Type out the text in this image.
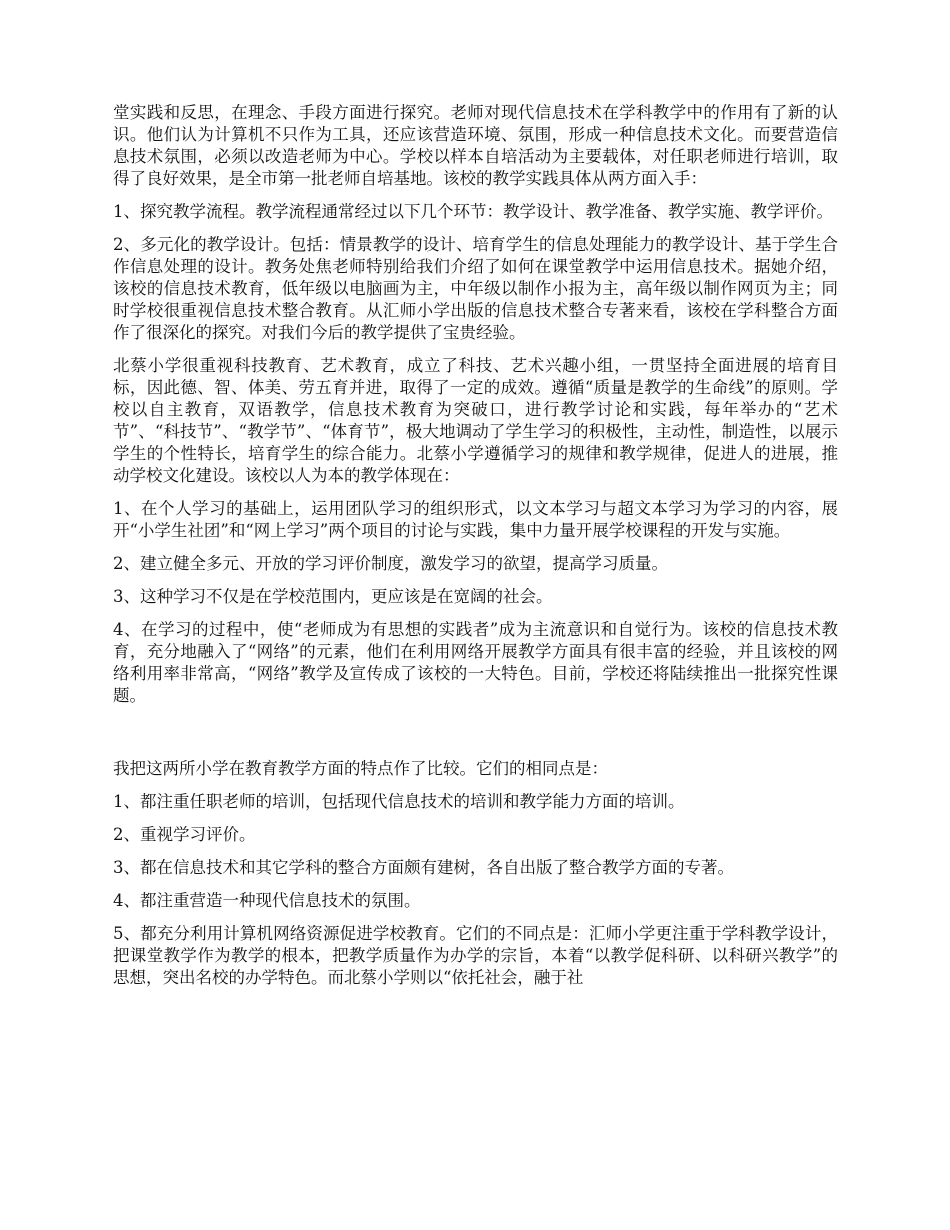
堂实践和反思，在理念、手段方面进行探究。老师对现代信息技术在学科教学中的作用有了新的认识。他们认为计算机不只作为工具，还应该营造环境、氛围，形成一种信息技术文化。而要营造信息技术氛围，必须以改造老师为中心。学校以样本自培活动为主要载体，对任职老师进行培训，取得了良好效果，是全市第一批老师自培基地。该校的教学实践具体从两方面入手：

1、探究教学流程。教学流程通常经过以下几个环节：教学设计、教学准备、教学实施、教学评价。

2、多元化的教学设计。包括：情景教学的设计、培育学生的信息处理能力的教学设计、基于学生合作信息处理的设计。教务处焦老师特别给我们介绍了如何在课堂教学中运用信息技术。据她介绍，该校的信息技术教育，低年级以电脑画为主，中年级以制作小报为主，高年级以制作网页为主；同时学校很重视信息技术整合教育。从汇师小学出版的信息技术整合专著来看，该校在学科整合方面作了很深化的探究。对我们今后的教学提供了宝贵经验。

北蔡小学很重视科技教育、艺术教育，成立了科技、艺术兴趣小组，一贯坚持全面进展的培育目标，因此德、智、体美、劳五育并进，取得了一定的成效。遵循“质量是教学的生命线”的原则。学校以自主教育，双语教学，信息技术教育为突破口，进行教学讨论和实践，每年举办的“艺术节”、“科技节”、“教学节”、“体育节”，极大地调动了学生学习的积极性，主动性，制造性，以展示学生的个性特长，培育学生的综合能力。北蔡小学遵循学习的规律和教学规律，促进人的进展，推动学校文化建设。该校以人为本的教学体现在：

1、在个人学习的基础上，运用团队学习的组织形式，以文本学习与超文本学习为学习的内容，展开“小学生社团”和“网上学习”两个项目的讨论与实践，集中力量开展学校课程的开发与实施。

2、建立健全多元、开放的学习评价制度，激发学习的欲望，提高学习质量。

3、这种学习不仅是在学校范围内，更应该是在宽阔的社会。

4、在学习的过程中，使“老师成为有思想的实践者”成为主流意识和自觉行为。该校的信息技术教育，充分地融入了“网络”的元素，他们在利用网络开展教学方面具有很丰富的经验，并且该校的网络利用率非常高，“网络”教学及宣传成了该校的一大特色。目前，学校还将陆续推出一批探究性课题。

我把这两所小学在教育教学方面的特点作了比较。它们的相同点是：

1、都注重任职老师的培训，包括现代信息技术的培训和教学能力方面的培训。

2、重视学习评价。

3、都在信息技术和其它学科的整合方面颇有建树，各自出版了整合教学方面的专著。

4、都注重营造一种现代信息技术的氛围。

5、都充分利用计算机网络资源促进学校教育。它们的不同点是：汇师小学更注重于学科教学设计，把课堂教学作为教学的根本，把教学质量作为办学的宗旨，本着“以教学促科研、以科研兴教学”的思想，突出名校的办学特色。而北蔡小学则以“依托社会，融于社
